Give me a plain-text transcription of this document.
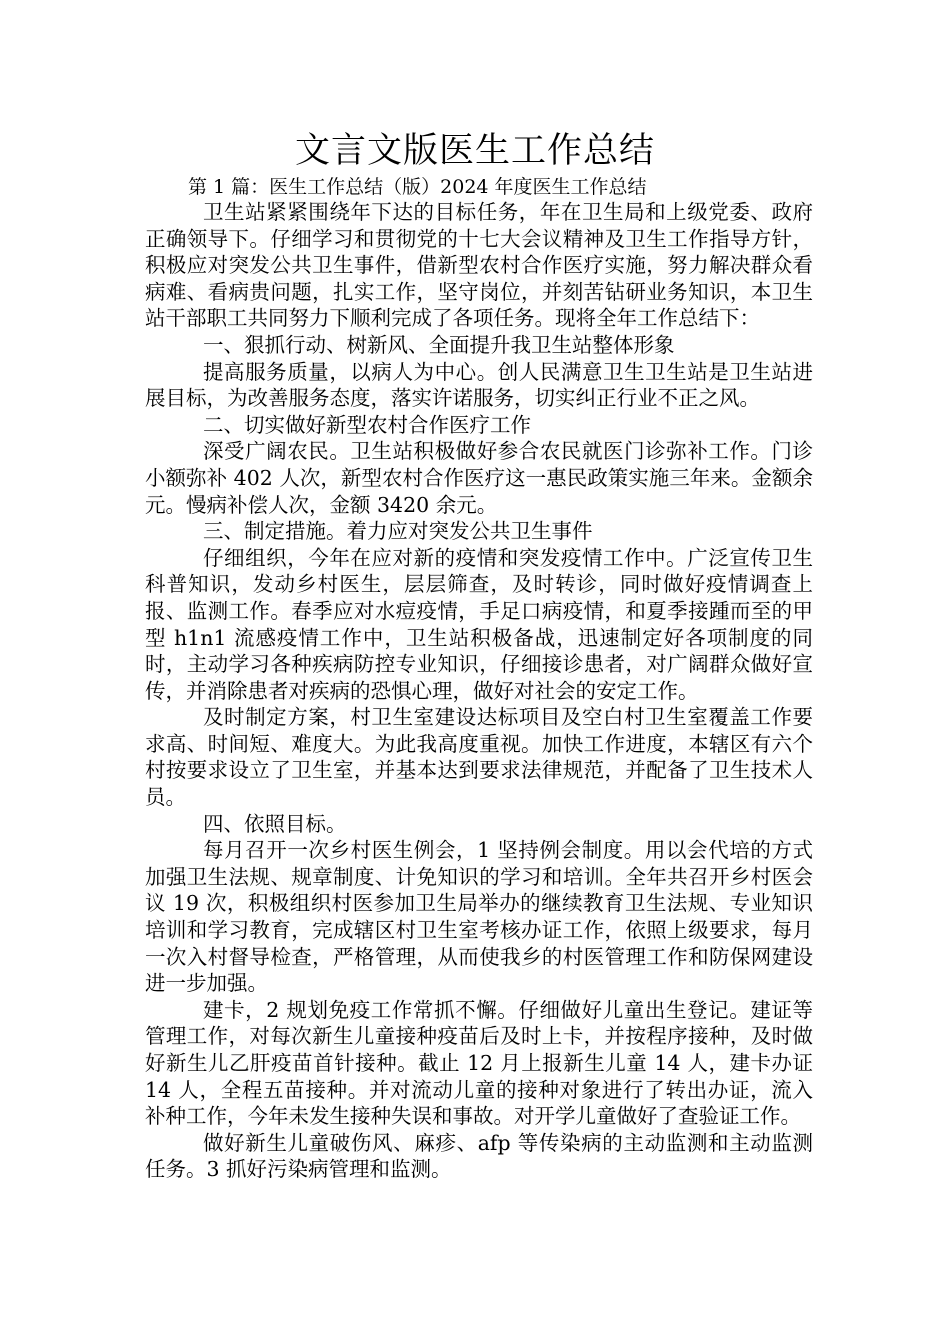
文言文版医生工作总结
第 1 篇：医生工作总结（版）2024 年度医生工作总结

卫生站紧紧围绕年下达的目标任务，年在卫生局和上级党委、政府正确领导下。仔细学习和贯彻党的十七大会议精神及卫生工作指导方针，积极应对突发公共卫生事件，借新型农村合作医疗实施，努力解决群众看病难、看病贵问题，扎实工作，坚守岗位，并刻苦钻研业务知识，本卫生站干部职工共同努力下顺利完成了各项任务。现将全年工作总结下：

一、狠抓行动、树新风、全面提升我卫生站整体形象

提高服务质量，以病人为中心。创人民满意卫生卫生站是卫生站进展目标，为改善服务态度，落实许诺服务，切实纠正行业不正之风。

二、切实做好新型农村合作医疗工作

深受广阔农民。卫生站积极做好参合农民就医门诊弥补工作。门诊小额弥补 402 人次，新型农村合作医疗这一惠民政策实施三年来。金额余元。慢病补偿人次，金额 3420 余元。

三、制定措施。着力应对突发公共卫生事件

仔细组织，今年在应对新的疫情和突发疫情工作中。广泛宣传卫生科普知识，发动乡村医生，层层筛查，及时转诊，同时做好疫情调查上报、监测工作。春季应对水痘疫情，手足口病疫情，和夏季接踵而至的甲型 h1n1 流感疫情工作中，卫生站积极备战，迅速制定好各项制度的同时，主动学习各种疾病防控专业知识，仔细接诊患者，对广阔群众做好宣传，并消除患者对疾病的恐惧心理，做好对社会的安定工作。

及时制定方案，村卫生室建设达标项目及空白村卫生室覆盖工作要求高、时间短、难度大。为此我高度重视。加快工作进度，本辖区有六个村按要求设立了卫生室，并基本达到要求法律规范，并配备了卫生技术人员。

四、依照目标。

每月召开一次乡村医生例会，1 坚持例会制度。用以会代培的方式加强卫生法规、规章制度、计免知识的学习和培训。全年共召开乡村医会议 19 次，积极组织村医参加卫生局举办的继续教育卫生法规、专业知识培训和学习教育，完成辖区村卫生室考核办证工作，依照上级要求，每月一次入村督导检查，严格管理，从而使我乡的村医管理工作和防保网建设进一步加强。

建卡，2 规划免疫工作常抓不懈。仔细做好儿童出生登记。建证等管理工作，对每次新生儿童接种疫苗后及时上卡，并按程序接种，及时做好新生儿乙肝疫苗首针接种。截止 12 月上报新生儿童 14 人，建卡办证 14 人，全程五苗接种。并对流动儿童的接种对象进行了转出办证，流入补种工作，今年未发生接种失误和事故。对开学儿童做好了查验证工作。

做好新生儿童破伤风、麻疹、afp 等传染病的主动监测和主动监测任务。3 抓好污染病管理和监测。
